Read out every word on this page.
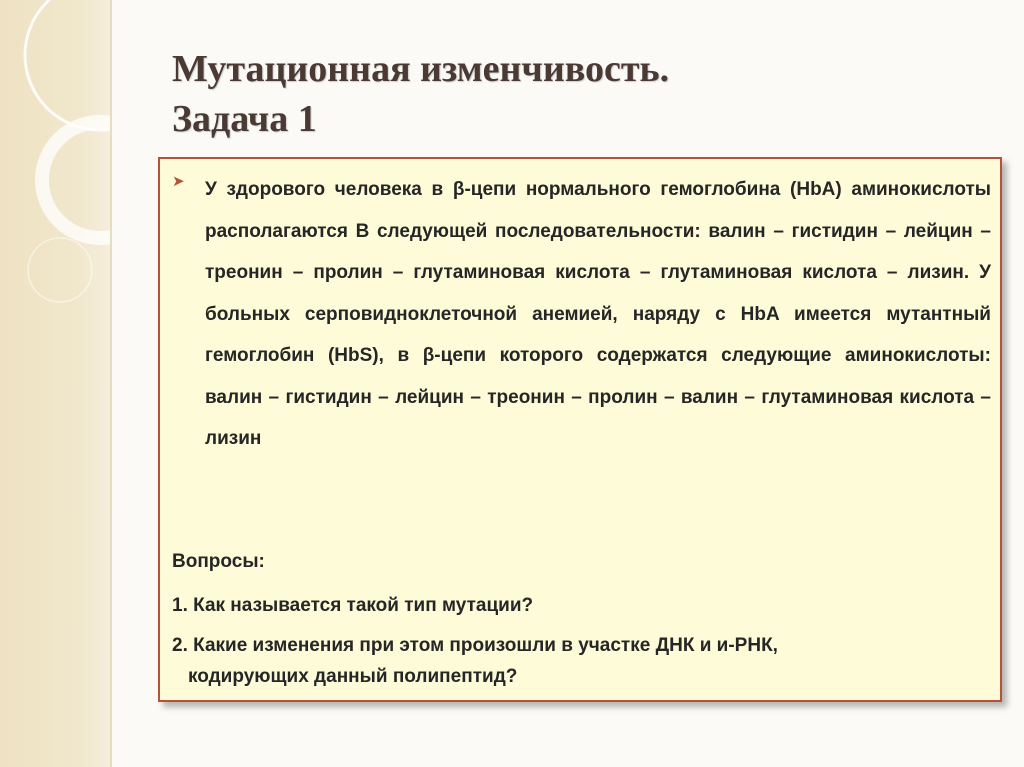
Мутационная изменчивость.
Задача 1
➤ У здорового человека в β-цепи нормального гемоглобина (HbA) аминокислоты располагаются В следующей последовательности: валин – гистидин – лейцин – треонин – пролин – глутаминовая кислота – глутаминовая кислота – лизин. У больных серповидноклеточной анемией, наряду с HbA имеется мутантный гемоглобин (HbS), в β-цепи которого содержатся следующие аминокислоты: валин – гистидин – лейцин – треонин – пролин – валин – глутаминовая кислота – лизин

Вопросы:

1. Как называется такой тип мутации?

2. Какие изменения при этом произошли в участке ДНК и и-РНК,

кодирующих данный полипептид?
